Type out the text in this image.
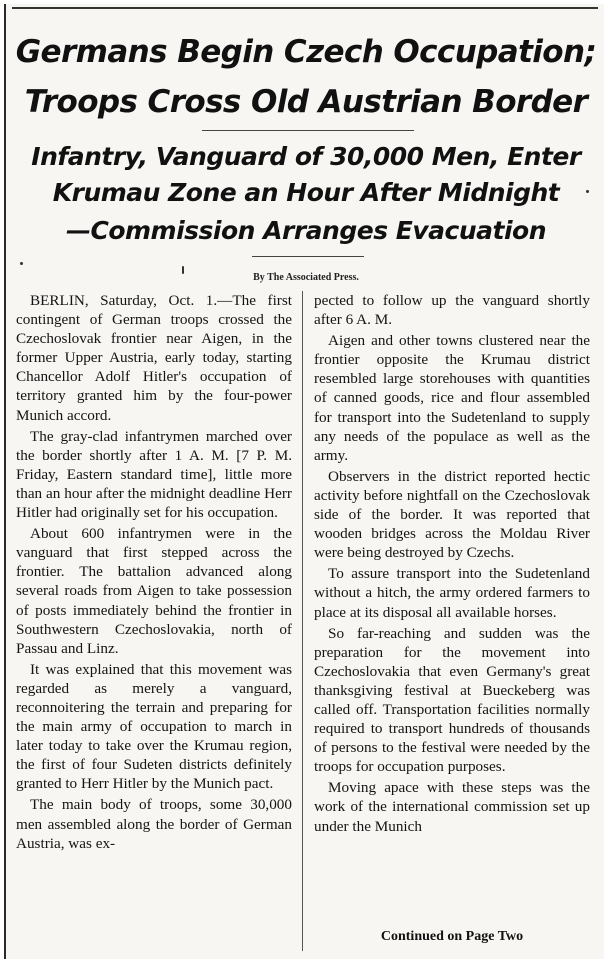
Germans Begin Czech Occupation;
Troops Cross Old Austrian Border
Infantry, Vanguard of 30,000 Men, Enter
Krumau Zone an Hour After Midnight
—Commission Arranges Evacuation
By The Associated Press.

BERLIN, Saturday, Oct. 1.—The first contingent of German troops crossed the Czechoslovak frontier near Aigen, in the former Upper Austria, early today, starting Chancellor Adolf Hitler's occupation of territory granted him by the four-power Munich accord.

The gray-clad infantrymen marched over the border shortly after 1 A. M. [7 P. M. Friday, Eastern standard time], little more than an hour after the midnight deadline Herr Hitler had originally set for his occupation.

About 600 infantrymen were in the vanguard that first stepped across the frontier. The battalion advanced along several roads from Aigen to take possession of posts immediately behind the frontier in Southwestern Czechoslovakia, north of Passau and Linz.

It was explained that this movement was regarded as merely a vanguard, reconnoitering the terrain and preparing for the main army of occupation to march in later today to take over the Krumau region, the first of four Sudeten districts definitely granted to Herr Hitler by the Munich pact.

The main body of troops, some 30,000 men assembled along the border of German Austria, was ex-

pected to follow up the vanguard shortly after 6 A. M.

Aigen and other towns clustered near the frontier opposite the Krumau district resembled large storehouses with quantities of canned goods, rice and flour assembled for transport into the Sudetenland to supply any needs of the populace as well as the army.

Observers in the district reported hectic activity before nightfall on the Czechoslovak side of the border. It was reported that wooden bridges across the Moldau River were being destroyed by Czechs.

To assure transport into the Sudetenland without a hitch, the army ordered farmers to place at its disposal all available horses.

So far-reaching and sudden was the preparation for the movement into Czechoslovakia that even Germany's great thanksgiving festival at Bueckeberg was called off. Transportation facilities normally required to transport hundreds of thousands of persons to the festival were needed by the troops for occupation purposes.

Moving apace with these steps was the work of the international commission set up under the Munich

Continued on Page Two
